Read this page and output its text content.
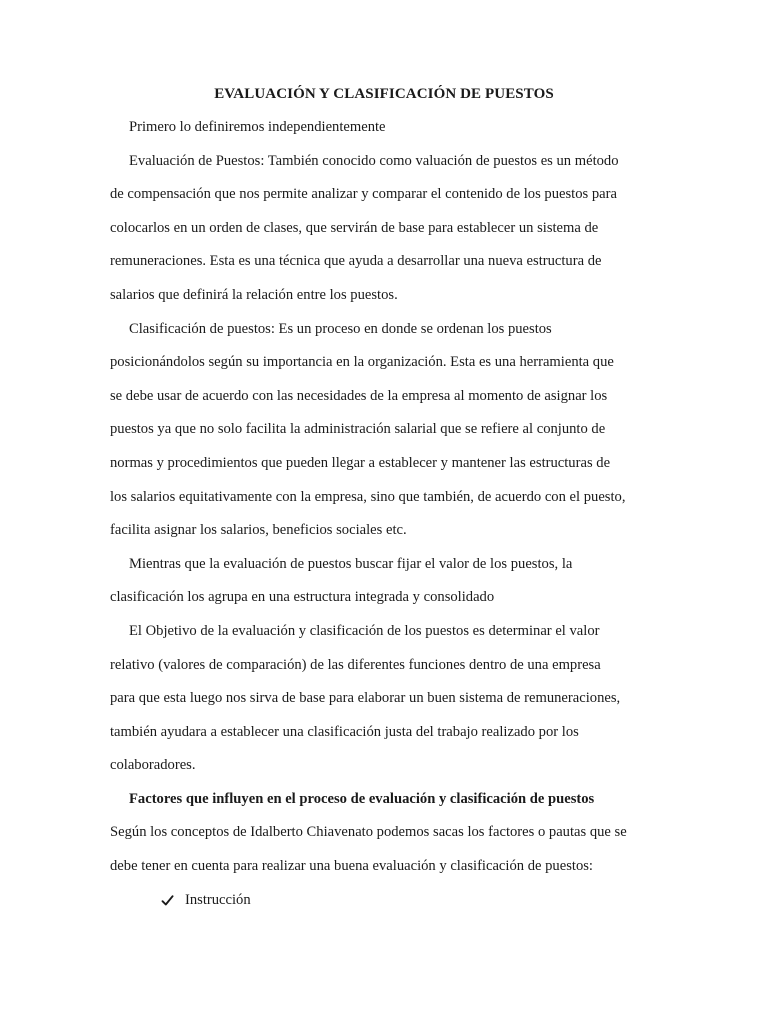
EVALUACIÓN Y CLASIFICACIÓN DE PUESTOS

Primero lo definiremos independientemente

Evaluación de Puestos: También conocido como valuación de puestos es un método
de compensación que nos permite analizar y comparar el contenido de los puestos para
colocarlos en un orden de clases, que servirán de base para establecer un sistema de
remuneraciones. Esta es una técnica que ayuda a desarrollar una nueva estructura de
salarios que definirá la relación entre los puestos.

Clasificación de puestos: Es un proceso en donde se ordenan los puestos
posicionándolos según su importancia en la organización. Esta es una herramienta que
se debe usar de acuerdo con las necesidades de la empresa al momento de asignar los
puestos ya que no solo facilita la administración salarial que se refiere al conjunto de
normas y procedimientos que pueden llegar a establecer y mantener las estructuras de
los salarios equitativamente con la empresa, sino que también, de acuerdo con el puesto,
facilita asignar los salarios, beneficios sociales etc.

Mientras que la evaluación de puestos buscar fijar el valor de los puestos, la
clasificación los agrupa en una estructura integrada y consolidado

El Objetivo de la evaluación y clasificación de los puestos es determinar el valor
relativo (valores de comparación) de las diferentes funciones dentro de una empresa
para que esta luego nos sirva de base para elaborar un buen sistema de remuneraciones,
también ayudara a establecer una clasificación justa del trabajo realizado por los
colaboradores.

Factores que influyen en el proceso de evaluación y clasificación de puestos

Según los conceptos de Idalberto Chiavenato podemos sacas los factores o pautas que se
debe tener en cuenta para realizar una buena evaluación y clasificación de puestos:

Instrucción
